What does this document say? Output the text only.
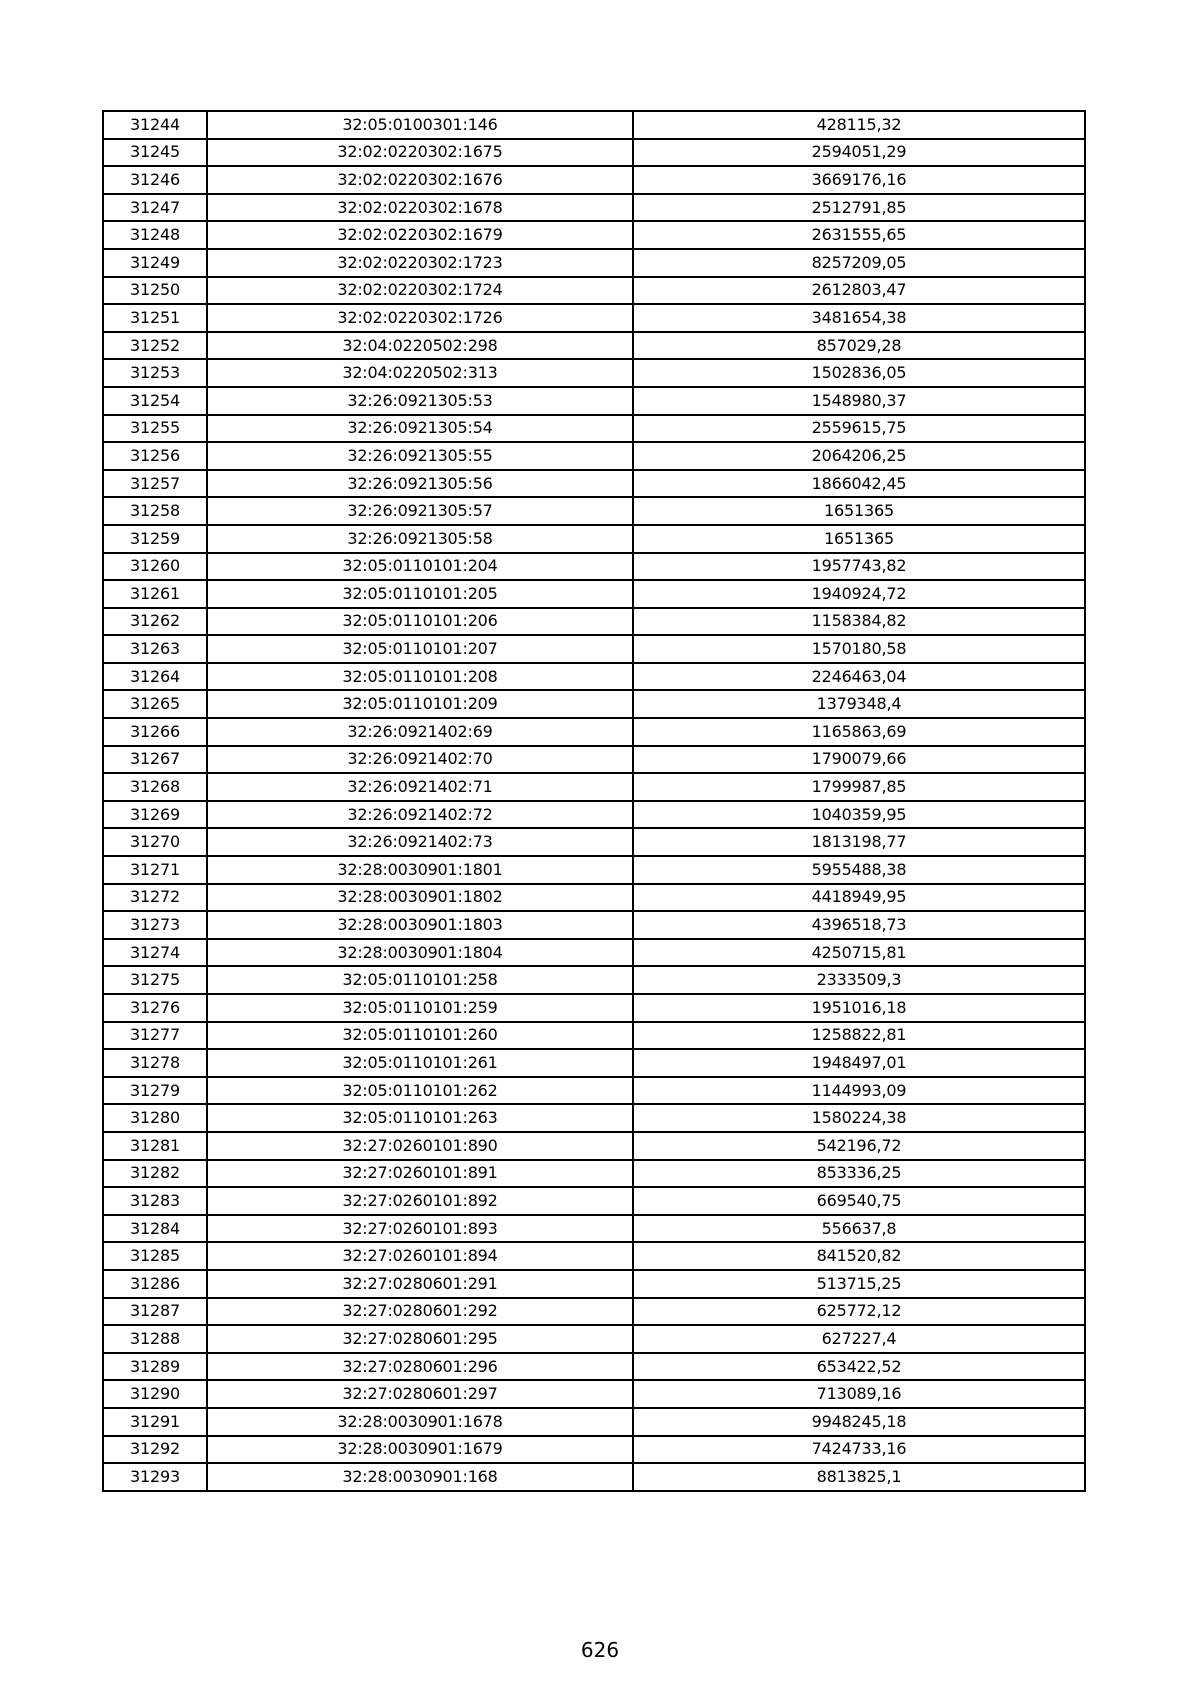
31244	32:05:0100301:146	428115,32
31245	32:02:0220302:1675	2594051,29
31246	32:02:0220302:1676	3669176,16
31247	32:02:0220302:1678	2512791,85
31248	32:02:0220302:1679	2631555,65
31249	32:02:0220302:1723	8257209,05
31250	32:02:0220302:1724	2612803,47
31251	32:02:0220302:1726	3481654,38
31252	32:04:0220502:298	857029,28
31253	32:04:0220502:313	1502836,05
31254	32:26:0921305:53	1548980,37
31255	32:26:0921305:54	2559615,75
31256	32:26:0921305:55	2064206,25
31257	32:26:0921305:56	1866042,45
31258	32:26:0921305:57	1651365
31259	32:26:0921305:58	1651365
31260	32:05:0110101:204	1957743,82
31261	32:05:0110101:205	1940924,72
31262	32:05:0110101:206	1158384,82
31263	32:05:0110101:207	1570180,58
31264	32:05:0110101:208	2246463,04
31265	32:05:0110101:209	1379348,4
31266	32:26:0921402:69	1165863,69
31267	32:26:0921402:70	1790079,66
31268	32:26:0921402:71	1799987,85
31269	32:26:0921402:72	1040359,95
31270	32:26:0921402:73	1813198,77
31271	32:28:0030901:1801	5955488,38
31272	32:28:0030901:1802	4418949,95
31273	32:28:0030901:1803	4396518,73
31274	32:28:0030901:1804	4250715,81
31275	32:05:0110101:258	2333509,3
31276	32:05:0110101:259	1951016,18
31277	32:05:0110101:260	1258822,81
31278	32:05:0110101:261	1948497,01
31279	32:05:0110101:262	1144993,09
31280	32:05:0110101:263	1580224,38
31281	32:27:0260101:890	542196,72
31282	32:27:0260101:891	853336,25
31283	32:27:0260101:892	669540,75
31284	32:27:0260101:893	556637,8
31285	32:27:0260101:894	841520,82
31286	32:27:0280601:291	513715,25
31287	32:27:0280601:292	625772,12
31288	32:27:0280601:295	627227,4
31289	32:27:0280601:296	653422,52
31290	32:27:0280601:297	713089,16
31291	32:28:0030901:1678	9948245,18
31292	32:28:0030901:1679	7424733,16
31293	32:28:0030901:168	8813825,1
626
